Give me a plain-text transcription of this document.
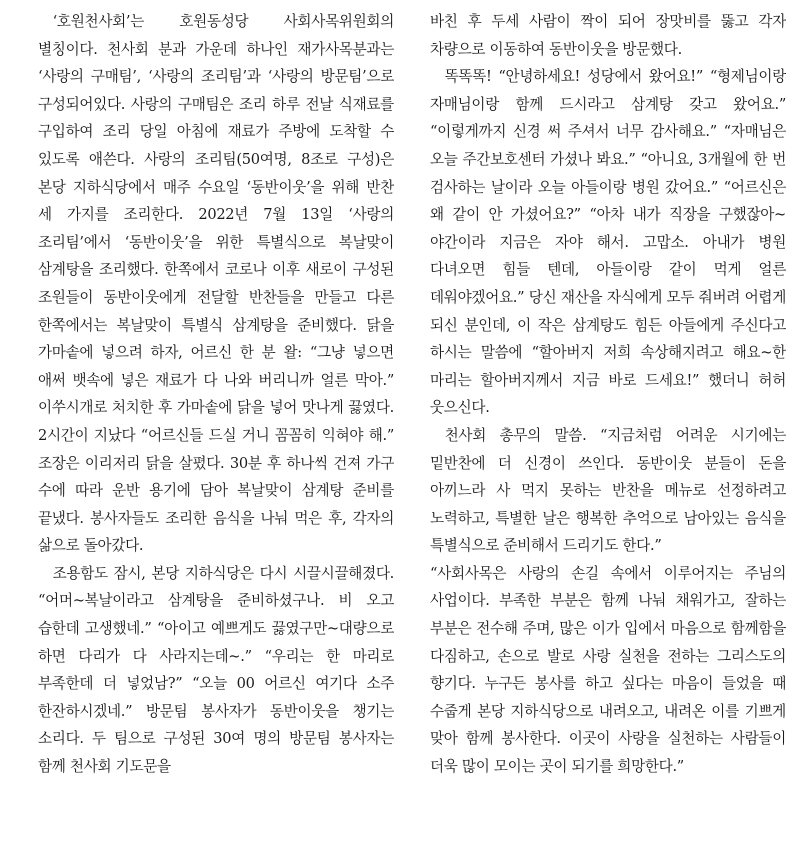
‘호원천사회’는 호원동성당 사회사목위원회의 별칭이다. 천사회 분과 가운데 하나인 재가사목분과는 ‘사랑의 구매팀’, ‘사랑의 조리팀’과 ‘사랑의 방문팀’으로 구성되어있다. 사랑의 구매팀은 조리 하루 전날 식재료를 구입하여 조리 당일 아침에 재료가 주방에 도착할 수 있도록 애쓴다. 사랑의 조리팀(50여명, 8조로 구성)은 본당 지하식당에서 매주 수요일 ‘동반이웃’을 위해 반찬 세 가지를 조리한다. 2022년 7월 13일 ‘사랑의 조리팀’에서 ‘동반이웃’을 위한 특별식으로 복날맞이 삼계탕을 조리했다. 한쪽에서 코로나 이후 새로이 구성된 조원들이 동반이웃에게 전달할 반찬들을 만들고 다른 한쪽에서는 복날맞이 특별식 삼계탕을 준비했다. 닭을 가마솥에 넣으려 하자, 어르신 한 분 왈: “그냥 넣으면 애써 뱃속에 넣은 재료가 다 나와 버리니까 얼른 막아.” 이쑤시개로 처치한 후 가마솥에 닭을 넣어 맛나게 끓였다. 2시간이 지났다 “어르신들 드실 거니 꼼꼼히 익혀야 해.” 조장은 이리저리 닭을 살폈다. 30분 후 하나씩 건져 가구 수에 따라 운반 용기에 담아 복날맞이 삼계탕 준비를 끝냈다. 봉사자들도 조리한 음식을 나눠 먹은 후, 각자의 삶으로 돌아갔다.

조용함도 잠시, 본당 지하식당은 다시 시끌시끌해졌다. “어머~복날이라고 삼계탕을 준비하셨구나. 비 오고 습한데 고생했네.” “아이고 예쁘게도 끓였구만~대량으로 하면 다리가 다 사라지는데~.” “우리는 한 마리로 부족한데 더 넣었남?” “오늘 00 어르신 여기다 소주 한잔하시겠네.” 방문팀 봉사자가 동반이웃을 챙기는 소리다. 두 팀으로 구성된 30여 명의 방문팀 봉사자는 함께 천사회 기도문을

바친 후 두세 사람이 짝이 되어 장맛비를 뚫고 각자 차량으로 이동하여 동반이웃을 방문했다.

똑똑똑! “안녕하세요! 성당에서 왔어요!” “형제님이랑 자매님이랑 함께 드시라고 삼계탕 갖고 왔어요.” “이렇게까지 신경 써 주셔서 너무 감사해요.” “자매님은 오늘 주간보호센터 가셨나 봐요.” “아니요, 3개월에 한 번 검사하는 날이라 오늘 아들이랑 병원 갔어요.” “어르신은 왜 같이 안 가셨어요?” “아차 내가 직장을 구했잖아~ 야간이라 지금은 자야 해서. 고맙소. 아내가 병원 다녀오면 힘들 텐데, 아들이랑 같이 먹게 얼른 데워야겠어요.” 당신 재산을 자식에게 모두 줘버려 어렵게 되신 분인데, 이 작은 삼계탕도 힘든 아들에게 주신다고 하시는 말씀에 “할아버지 저희 속상해지려고 해요~한 마리는 할아버지께서 지금 바로 드세요!” 했더니 허허 웃으신다.

천사회 총무의 말씀. “지금처럼 어려운 시기에는 밑반찬에 더 신경이 쓰인다. 동반이웃 분들이 돈을 아끼느라 사 먹지 못하는 반찬을 메뉴로 선정하려고 노력하고, 특별한 날은 행복한 추억으로 남아있는 음식을 특별식으로 준비해서 드리기도 한다.”

“사회사목은 사랑의 손길 속에서 이루어지는 주님의 사업이다. 부족한 부분은 함께 나눠 채워가고, 잘하는 부분은 전수해 주며, 많은 이가 입에서 마음으로 함께함을 다짐하고, 손으로 발로 사랑 실천을 전하는 그리스도의 향기다. 누구든 봉사를 하고 싶다는 마음이 들었을 때 수줍게 본당 지하식당으로 내려오고, 내려온 이를 기쁘게 맞아 함께 봉사한다. 이곳이 사랑을 실천하는 사람들이 더욱 많이 모이는 곳이 되기를 희망한다.”
